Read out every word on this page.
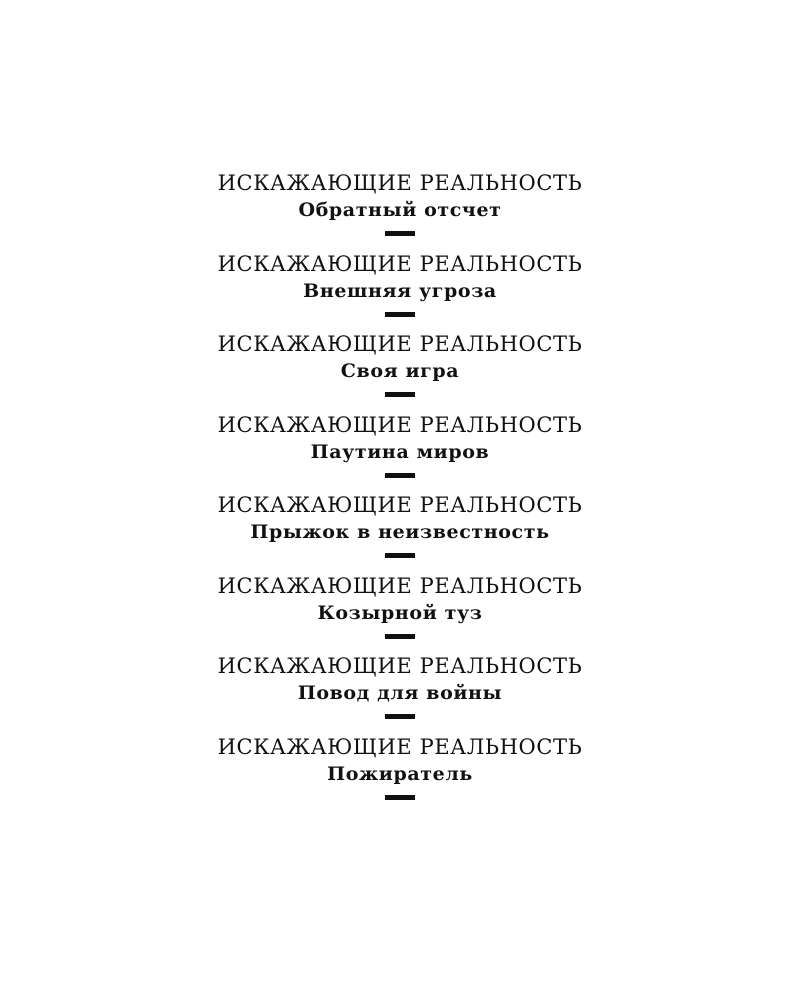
ИСКАЖАЮЩИЕ РЕАЛЬНОСТЬ
Обратный отсчет
ИСКАЖАЮЩИЕ РЕАЛЬНОСТЬ
Внешняя угроза
ИСКАЖАЮЩИЕ РЕАЛЬНОСТЬ
Своя игра
ИСКАЖАЮЩИЕ РЕАЛЬНОСТЬ
Паутина миров
ИСКАЖАЮЩИЕ РЕАЛЬНОСТЬ
Прыжок в неизвестность
ИСКАЖАЮЩИЕ РЕАЛЬНОСТЬ
Козырной туз
ИСКАЖАЮЩИЕ РЕАЛЬНОСТЬ
Повод для войны
ИСКАЖАЮЩИЕ РЕАЛЬНОСТЬ
Пожиратель
